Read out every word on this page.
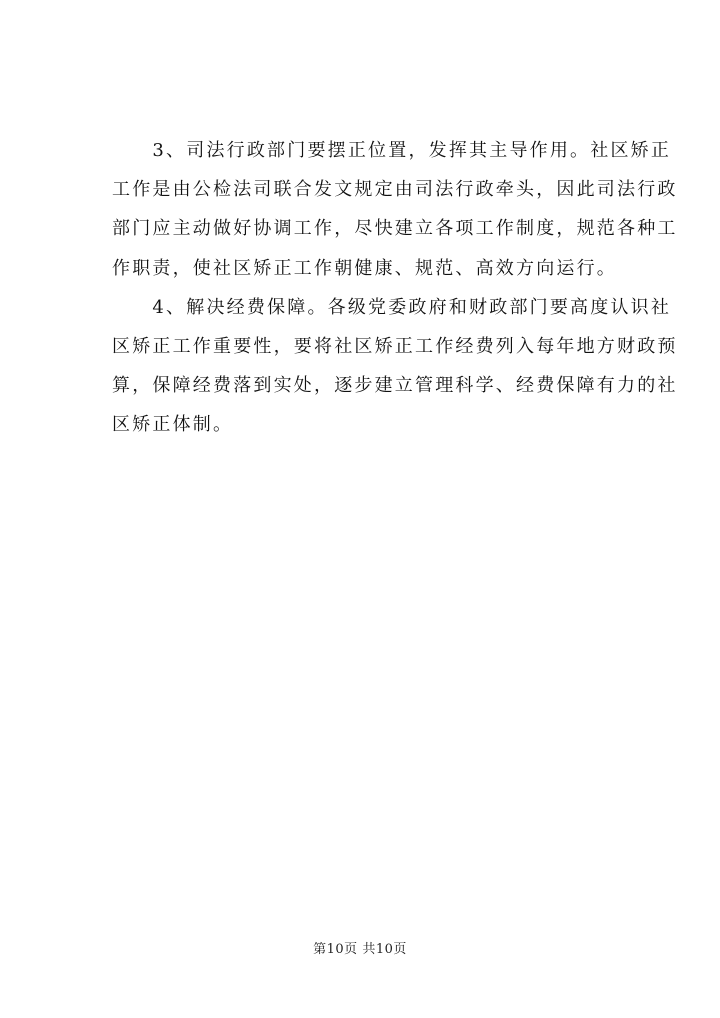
　　3、司法行政部门要摆正位置，发挥其主导作用。社区矫正
工作是由公检法司联合发文规定由司法行政牵头，因此司法行政
部门应主动做好协调工作，尽快建立各项工作制度，规范各种工
作职责，使社区矫正工作朝健康、规范、高效方向运行。
　　4、解决经费保障。各级党委政府和财政部门要高度认识社
区矫正工作重要性，要将社区矫正工作经费列入每年地方财政预
算，保障经费落到实处，逐步建立管理科学、经费保障有力的社
区矫正体制。
第10页 共10页
